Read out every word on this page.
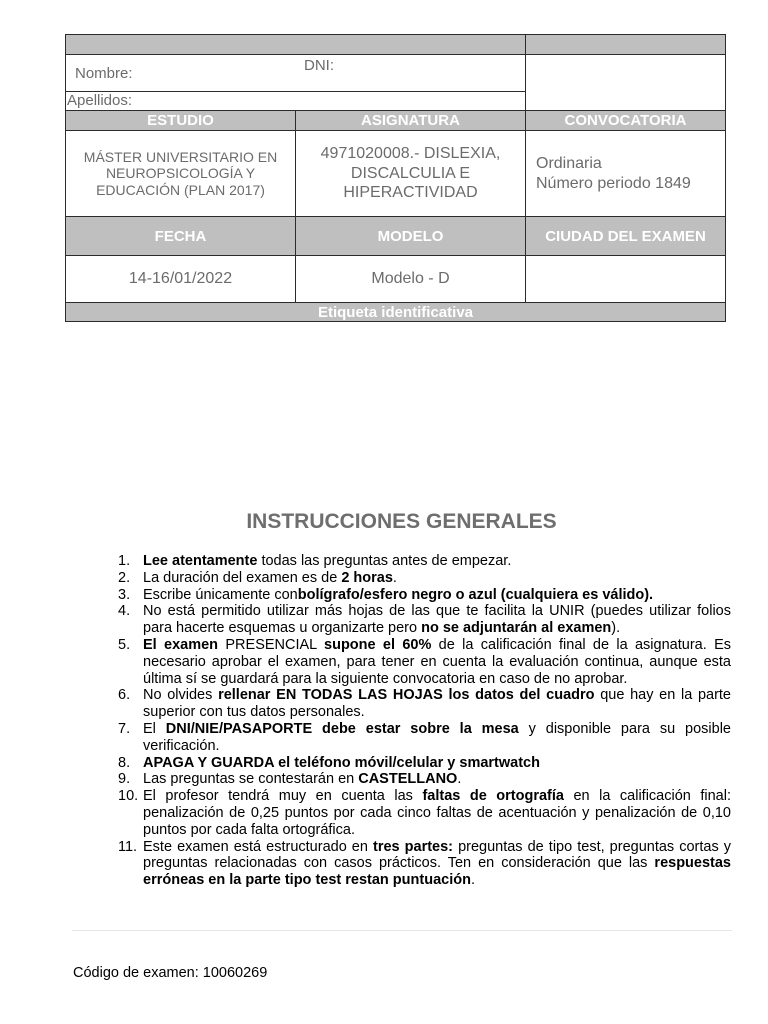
Nombre: DNI:		

Apellidos:		

ESTUDIO	ASIGNATURA	CONVOCATORIA
MÁSTER UNIVERSITARIO EN NEUROPSICOLOGÍA Y EDUCACIÓN (PLAN 2017)	4971020008.- DISLEXIA, DISCALCULIA E HIPERACTIVIDAD	Ordinaria
Número periodo 1849

FECHA	MODELO	CIUDAD DEL EXAMEN
14-16/01/2022	Modelo - D	
Etiqueta identificativa		
INSTRUCCIONES GENERALES
1. Lee atentamente todas las preguntas antes de empezar.
2. La duración del examen es de 2 horas.
3. Escribe únicamente conbolígrafo/esfero negro o azul (cualquiera es válido).
4. No está permitido utilizar más hojas de las que te facilita la UNIR (puedes utilizar folios para hacerte esquemas u organizarte pero no se adjuntarán al examen).
5. El examen PRESENCIAL supone el 60% de la calificación final de la asignatura. Es necesario aprobar el examen, para tener en cuenta la evaluación continua, aunque esta última sí se guardará para la siguiente convocatoria en caso de no aprobar.
6. No olvides rellenar EN TODAS LAS HOJAS los datos del cuadro que hay en la parte superior con tus datos personales.
7. El DNI/NIE/PASAPORTE debe estar sobre la mesa y disponible para su posible verificación.
8. APAGA Y GUARDA el teléfono móvil/celular y smartwatch
9. Las preguntas se contestarán en CASTELLANO.
10. El profesor tendrá muy en cuenta las faltas de ortografía en la calificación final: penalización de 0,25 puntos por cada cinco faltas de acentuación y penalización de 0,10 puntos por cada falta ortográfica.
11. Este examen está estructurado en tres partes: preguntas de tipo test, preguntas cortas y preguntas relacionadas con casos prácticos. Ten en consideración que las respuestas erróneas en la parte tipo test restan puntuación.
Código de examen: 10060269
